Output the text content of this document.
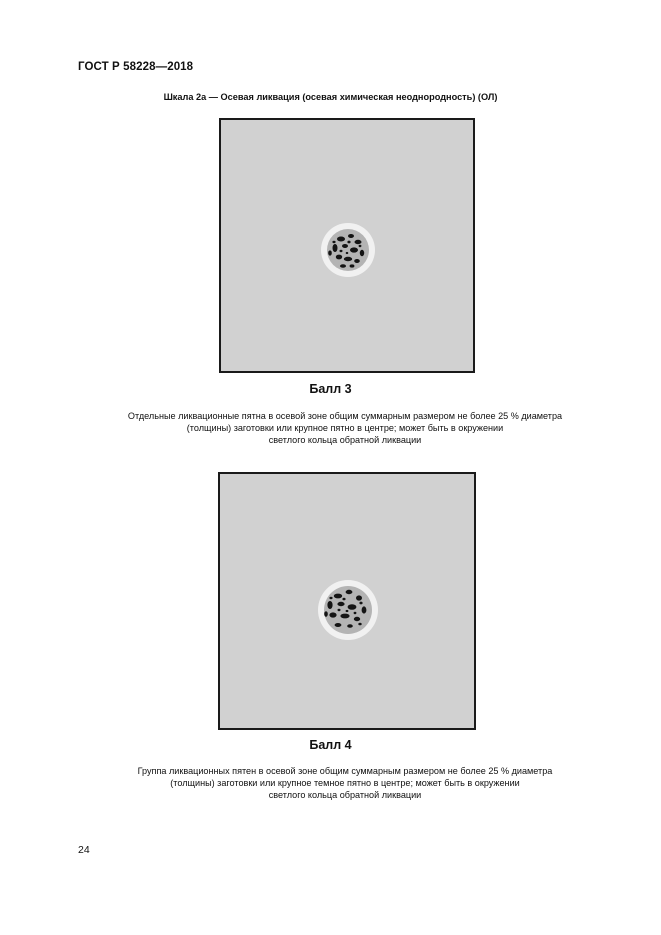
ГОСТ Р 58228—2018
Шкала 2а — Осевая ликвация (осевая химическая неоднородность) (ОЛ)
Балл 3
Отдельные ликвационные пятна в осевой зоне общим суммарным размером не более 25 % диаметра
(толщины) заготовки или крупное пятно в центре; может быть в окружении
светлого кольца обратной ликвации
Балл 4
Группа ликвационных пятен в осевой зоне общим суммарным размером не более 25 % диаметра
(толщины) заготовки или крупное темное пятно в центре; может быть в окружении
светлого кольца обратной ликвации
24
